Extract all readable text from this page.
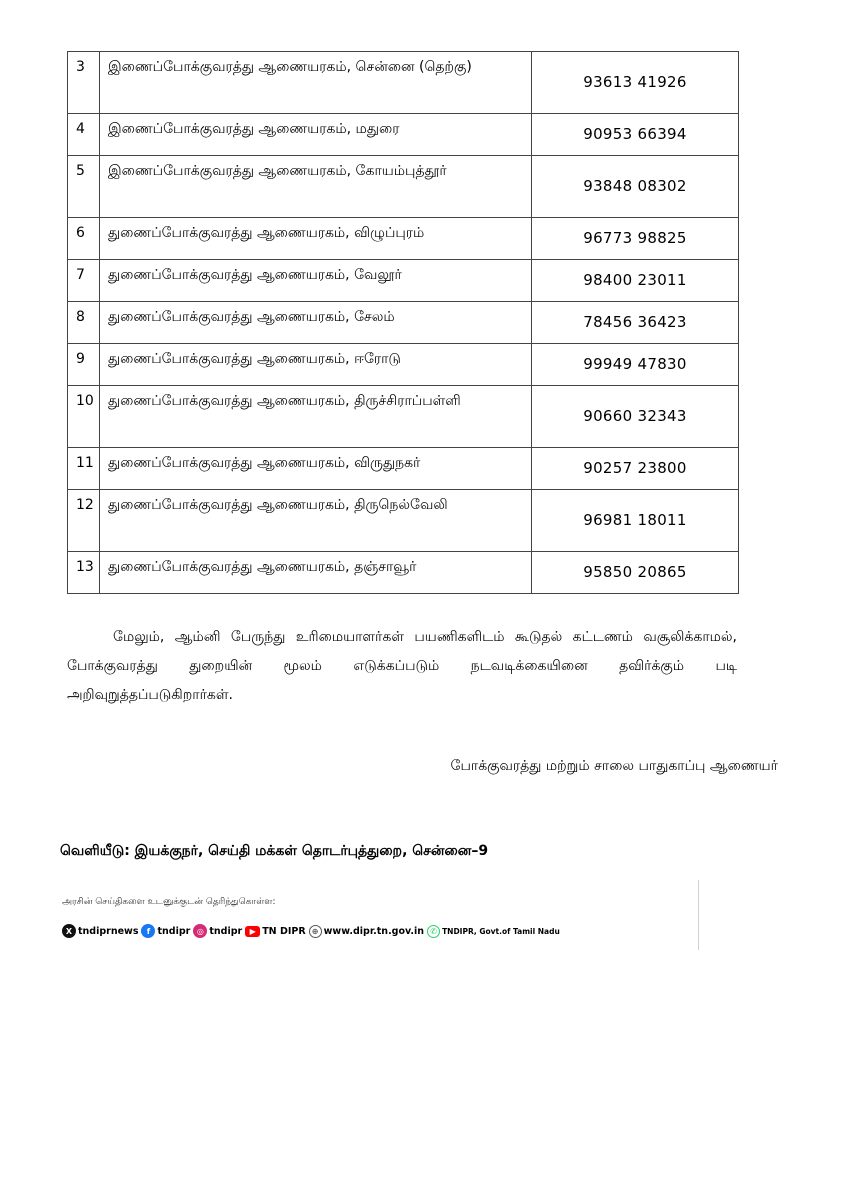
3	இணைப்போக்குவரத்து ஆணையரகம், சென்னை (தெற்கு)	93613 41926
4	இணைப்போக்குவரத்து ஆணையரகம், மதுரை	90953 66394
5	இணைப்போக்குவரத்து ஆணையரகம், கோயம்புத்தூர்	93848 08302
6	துணைப்போக்குவரத்து ஆணையரகம், விழுப்புரம்	96773 98825
7	துணைப்போக்குவரத்து ஆணையரகம், வேலூர்	98400 23011
8	துணைப்போக்குவரத்து ஆணையரகம், சேலம்	78456 36423
9	துணைப்போக்குவரத்து ஆணையரகம், ஈரோடு	99949 47830
10	துணைப்போக்குவரத்து ஆணையரகம், திருச்சிராப்பள்ளி	90660 32343
11	துணைப்போக்குவரத்து ஆணையரகம், விருதுநகர்	90257 23800
12	துணைப்போக்குவரத்து ஆணையரகம், திருநெல்வேலி	96981 18011
13	துணைப்போக்குவரத்து ஆணையரகம், தஞ்சாவூர்	95850 20865
மேலும், ஆம்னி பேருந்து உரிமையாளர்கள் பயணிகளிடம் கூடுதல் கட்டணம் வசூலிக்காமல், போக்குவரத்து துறையின் மூலம் எடுக்கப்படும் நடவடிக்கையினை தவிர்க்கும் படி அறிவுறுத்தப்படுகிறார்கள்.
போக்குவரத்து மற்றும் சாலை பாதுகாப்பு ஆணையர்
வெளியீடு: இயக்குநர், செய்தி மக்கள் தொடர்புத்துறை, சென்னை–9
அரசின் செய்திகளை உடனுக்குடன் தெரிந்துகொள்ள:
X tndiprnews	f tndipr ◎ tndipr ▶ TN DIPR ⊕ www.dipr.tn.gov.in ✆ TNDIPR, Govt.of Tamil Nadu
